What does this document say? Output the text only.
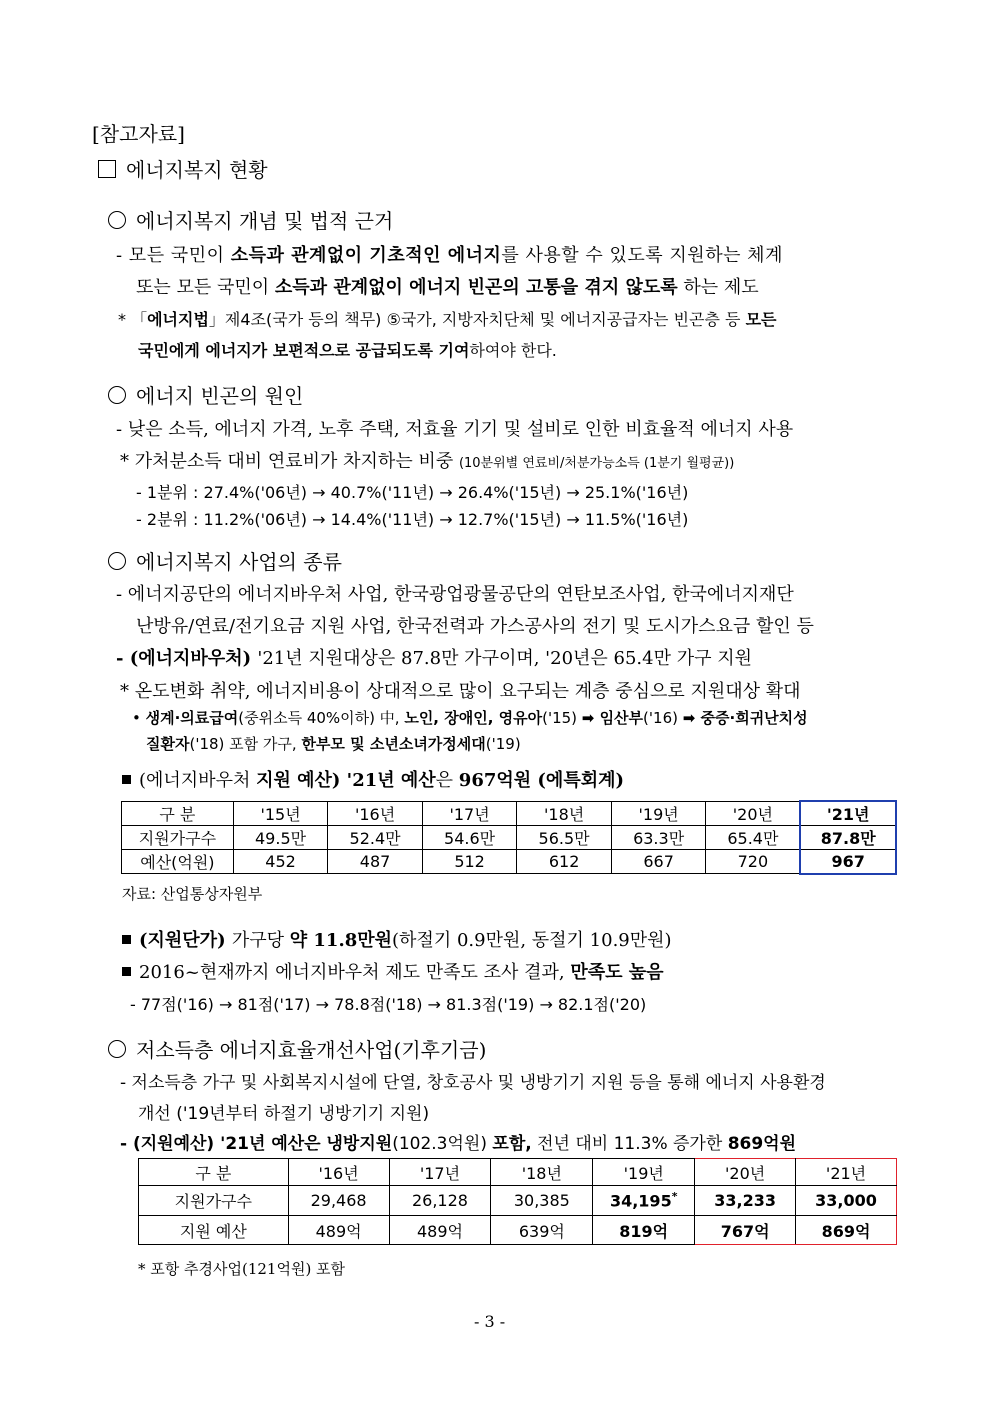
[참고자료]
에너지복지 현황
에너지복지 개념 및 법적 근거
- 모든 국민이 소득과 관계없이 기초적인 에너지를 사용할 수 있도록 지원하는 체계
또는 모든 국민이 소득과 관계없이 에너지 빈곤의 고통을 겪지 않도록 하는 제도
* 「에너지법」제4조(국가 등의 책무) ⑤국가, 지방자치단체 및 에너지공급자는 빈곤층 등 모든
국민에게 에너지가 보편적으로 공급되도록 기여하여야 한다.
에너지 빈곤의 원인
- 낮은 소득, 에너지 가격, 노후 주택, 저효율 기기 및 설비로 인한 비효율적 에너지 사용
* 가처분소득 대비 연료비가 차지하는 비중 (10분위별 연료비/처분가능소득 (1분기 월평균))
- 1분위 : 27.4%('06년) → 40.7%('11년) → 26.4%('15년) → 25.1%('16년)
- 2분위 : 11.2%('06년) → 14.4%('11년) → 12.7%('15년) → 11.5%('16년)
에너지복지 사업의 종류
- 에너지공단의 에너지바우처 사업, 한국광업광물공단의 연탄보조사업, 한국에너지재단
난방유/연료/전기요금 지원 사업, 한국전력과 가스공사의 전기 및 도시가스요금 할인 등
- (에너지바우처) '21년 지원대상은 87.8만 가구이며, '20년은 65.4만 가구 지원
* 온도변화 취약, 에너지비용이 상대적으로 많이 요구되는 계층 중심으로 지원대상 확대
• 생계·의료급여(중위소득 40%이하) 中, 노인, 장애인, 영유아('15) ➡ 임산부('16) ➡ 중증·희귀난치성
질환자('18) 포함 가구, 한부모 및 소년소녀가정세대('19)
(에너지바우처 지원 예산) '21년 예산은 967억원 (에특회계)
구 분	'15년	'16년	'17년	'18년	'19년	'20년	'21년
지원가구수	49.5만	52.4만	54.6만	56.5만	63.3만	65.4만	87.8만
예산(억원)	452	487	512	612	667	720	967
자료: 산업통상자원부
(지원단가) 가구당 약 11.8만원(하절기 0.9만원, 동절기 10.9만원)
2016~현재까지 에너지바우처 제도 만족도 조사 결과, 만족도 높음
- 77점('16) → 81점('17) → 78.8점('18) → 81.3점('19) → 82.1점('20)
저소득층 에너지효율개선사업(기후기금)
- 저소득층 가구 및 사회복지시설에 단열, 창호공사 및 냉방기기 지원 등을 통해 에너지 사용환경
개선 ('19년부터 하절기 냉방기기 지원)
- (지원예산) '21년 예산은 냉방지원(102.3억원) 포함, 전년 대비 11.3% 증가한 869억원
구 분	'16년	'17년	'18년	'19년	'20년	'21년
지원가구수	29,468	26,128	30,385	34,195*	33,233	33,000
지원 예산	489억	489억	639억	819억	767억	869억
* 포항 추경사업(121억원) 포함
- 3 -
